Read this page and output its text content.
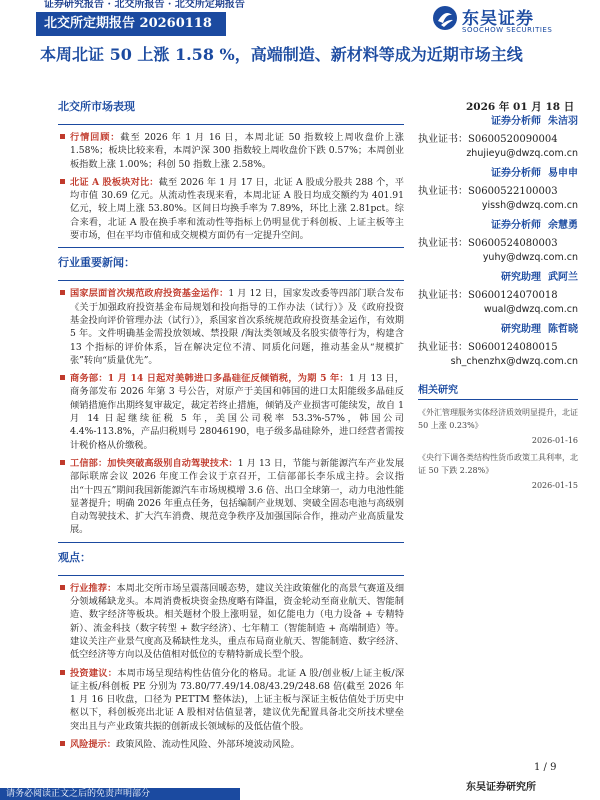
证券研究报告 · 北交所报告 · 北交所定期报告
北交所定期报告 20260118	东吴证券
SOOCHOW SECURITIES
本周北证 50 上涨 1.58 %，高端制造、新材料等成为近期市场主线
2026 年 01 月 18 日
北交所市场表现
行情回顾：截至 2026 年 1 月 16 日，本周北证 50 指数较上周收盘价上涨 1.58%；板块比较来看，本周沪深 300 指数较上周收盘价下跌 0.57%；本周创业板指数上涨 1.00%；科创 50 指数上涨 2.58%。
北证 A 股板块对比：截至 2026 年 1 月 17 日，北证 A 股成分股共 288 个，平均市值 30.69 亿元。从流动性表现来看，本周北证 A 股日均成交额约为 401.91 亿元，较上周上涨 53.80%。区间日均换手率为 7.89%，环比上涨 2.81pct。综合来看，北证 A 股在换手率和流动性等指标上仍明显优于科创板、上证主板等主要市场，但在平均市值和成交规模方面仍有一定提升空间。
行业重要新闻：
国家层面首次规范政府投资基金运作：1 月 12 日，国家发改委等四部门联合发布《关于加强政府投资基金布局规划和投向指导的工作办法（试行）》及《政府投资基金投向评价管理办法（试行）》，系国家首次系统规范政府投资基金运作，有效期 5 年。文件明确基金需投放领域、禁投限 /淘汰类领域及名股实债等行为，构建含 13 个指标的评价体系，旨在解决定位不清、同质化问题，推动基金从“规模扩张”转向“质量优先”。
商务部：1 月 14 日起对美韩进口多晶硅征反倾销税，为期 5 年：1 月 13 日，商务部发布 2026 年第 3 号公告，对原产于美国和韩国的进口太阳能级多晶硅反倾销措施作出期终复审裁定，裁定若终止措施，倾销及产业损害可能续发，故自 1 月 14 日起继续征税 5 年，美国公司税率 53.3%-57%，韩国公司 4.4%-113.8%，产品归税则号 28046190，电子级多晶硅除外，进口经营者需按计税价格从价缴税。
工信部：加快突破高级别自动驾驶技术：1 月 13 日，节能与新能源汽车产业发展部际联席会议 2026 年度工作会议于京召开，工信部部长李乐成主持。会议指出“十四五”期间我国新能源汽车市场规模增 3.6 倍、出口全球第一，动力电池性能显著提升；明确 2026 年重点任务，包括编制产业规划、突破全固态电池与高级别自动驾驶技术、扩大汽车消费、规范竞争秩序及加强国际合作，推动产业高质量发展。
观点：
行业推荐：本周北交所市场呈震荡回暖态势，建议关注政策催化的高景气赛道及细分领域稀缺龙头。本周消费板块资金热度略有降温，资金轮动至商业航天、智能制造、数字经济等板块。相关题材个股上涨明显，如亿能电力（电力设备 + 专精特新）、流金科技（数字转型 + 数字经济）、七年精工（智能制造 + 高端制造）等。建议关注产业景气度高及稀缺性龙头，重点布局商业航天、智能制造、数字经济、低空经济等方向以及估值相对低位的专精特新成长型个股。
投资建议：本周市场呈现结构性估值分化的格局。北证 A 股/创业板/上证主板/深证主板/科创板 PE 分别为 73.80/77.49/14.08/43.29/248.68 倍(截至 2026 年 1 月 16 日收盘，口径为 PETTM 整体法)，上证主板与深证主板估值处于历史中枢以下，科创板亮出北证 A 股相对估值显著，建议优先配置具备北交所技术壁垒突出且与产业政策共振的创新成长领域标的及低估值个股。
风险提示：政策风险、流动性风险、外部环境波动风险。
证券分析师 朱洁羽
执业证书：S0600520090004
zhujieyu@dwzq.com.cn
证券分析师 易申申
执业证书：S0600522100003
yissh@dwzq.com.cn
证券分析师 余慧勇
执业证书：S0600524080003
yuhy@dwzq.com.cn
研究助理 武阿兰
执业证书：S0600124070018
wual@dwzq.com.cn
研究助理 陈哲晓
执业证书：S0600124080015
sh_chenzhx@dwzq.com.cn
相关研究
《外汇管理服务实体经济质效明显提升，北证 50 上涨 0.23%》
2026-01-16
《央行下调各类结构性货币政策工具利率，北证 50 下跌 2.28%》
2026-01-15
1 / 9
东吴证券研究所
请务必阅读正文之后的免责声明部分
